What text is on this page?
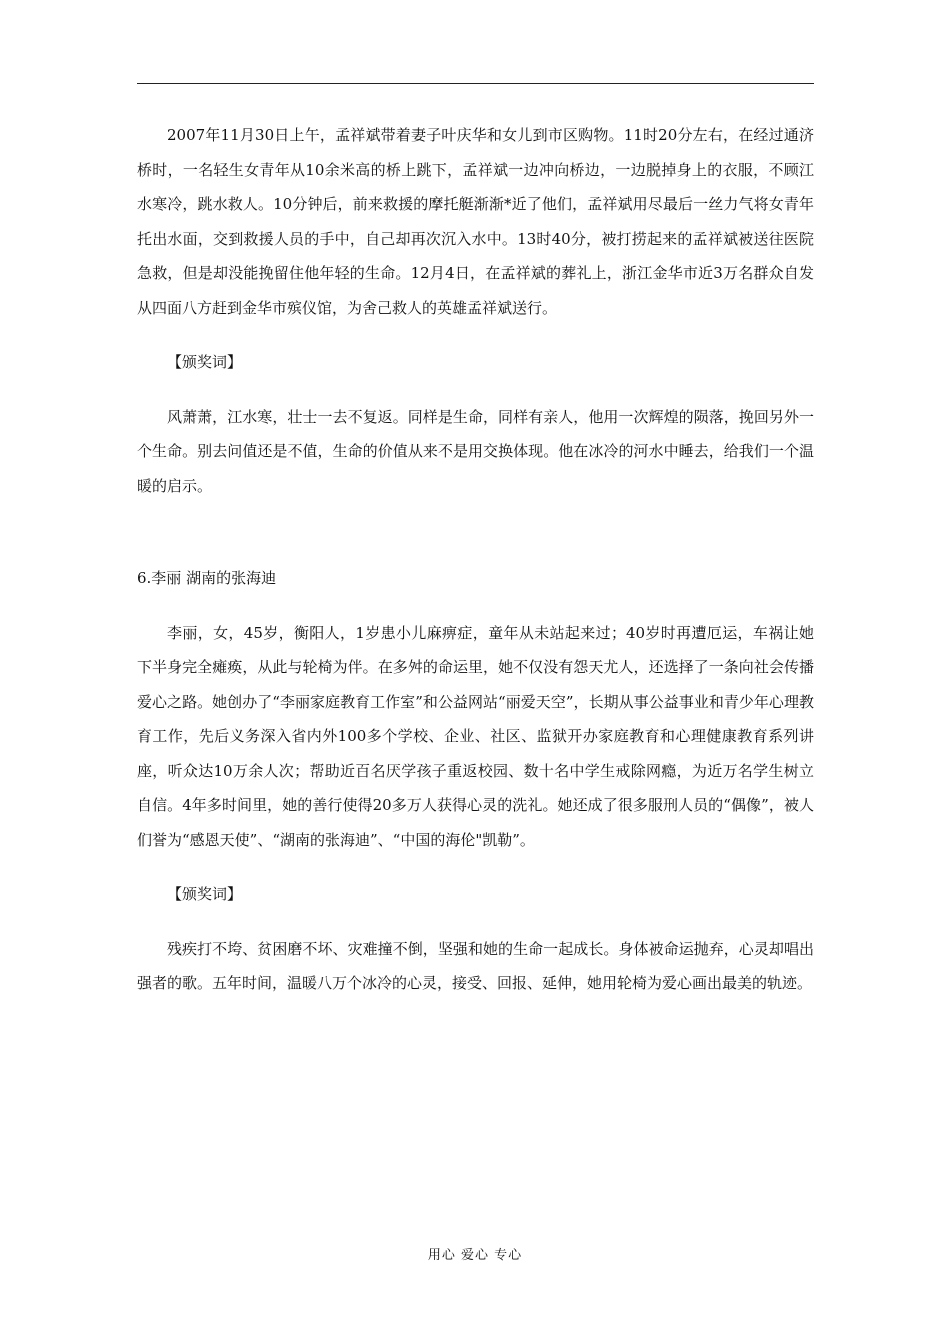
2007年11月30日上午，孟祥斌带着妻子叶庆华和女儿到市区购物。11时20分左右，在经过通济桥时，一名轻生女青年从10余米高的桥上跳下，孟祥斌一边冲向桥边，一边脱掉身上的衣服，不顾江水寒冷，跳水救人。10分钟后，前来救援的摩托艇渐渐*近了他们，孟祥斌用尽最后一丝力气将女青年托出水面，交到救援人员的手中，自己却再次沉入水中。13时40分，被打捞起来的孟祥斌被送往医院急救，但是却没能挽留住他年轻的生命。12月4日，在孟祥斌的葬礼上，浙江金华市近3万名群众自发从四面八方赶到金华市殡仪馆，为舍己救人的英雄孟祥斌送行。

【颁奖词】

风萧萧，江水寒，壮士一去不复返。同样是生命，同样有亲人，他用一次辉煌的陨落，挽回另外一个生命。别去问值还是不值，生命的价值从来不是用交换体现。他在冰冷的河水中睡去，给我们一个温暖的启示。

6.李丽 湖南的张海迪

李丽，女，45岁，衡阳人，1岁患小儿麻痹症，童年从未站起来过；40岁时再遭厄运，车祸让她下半身完全瘫痪，从此与轮椅为伴。在多舛的命运里，她不仅没有怨天尤人，还选择了一条向社会传播爱心之路。她创办了“李丽家庭教育工作室”和公益网站“丽爱天空”，长期从事公益事业和青少年心理教育工作，先后义务深入省内外100多个学校、企业、社区、监狱开办家庭教育和心理健康教育系列讲座，听众达10万余人次；帮助近百名厌学孩子重返校园、数十名中学生戒除网瘾，为近万名学生树立自信。4年多时间里，她的善行使得20多万人获得心灵的洗礼。她还成了很多服刑人员的“偶像”，被人们誉为“感恩天使”、“湖南的张海迪”、“中国的海伦"凯勒”。

【颁奖词】

残疾打不垮、贫困磨不坏、灾难撞不倒，坚强和她的生命一起成长。身体被命运抛弃，心灵却唱出强者的歌。五年时间，温暖八万个冰冷的心灵，接受、回报、延伸，她用轮椅为爱心画出最美的轨迹。

用心 爱心 专心
